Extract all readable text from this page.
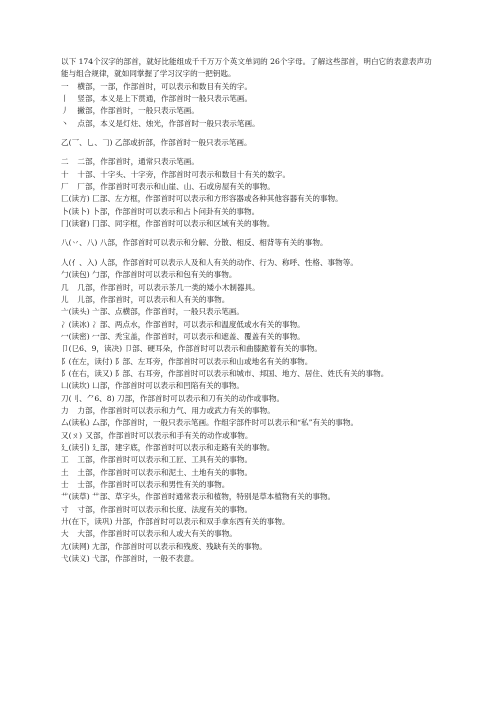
以下 174个汉字的部首，就好比能组成千千万万个英文单词的 26个字母。了解这些部首，明白它的表意表声功能与组合规律，就如同掌握了学习汉字的一把钥匙。
一 横部，一部，作部首时，可以表示和数目有关的字。
丨 竖部，本义是上下贯通，作部首时一般只表示笔画。
丿 撇部，作部首时，一般只表示笔画。
丶 点部，本义是灯炷、烛光，作部首时一般只表示笔画。
乙(乛、乚、𠃌) 乙部或折部，作部首时一般只表示笔画。
二 二部，作部首时，通常只表示笔画。
十 十部、十字头、十字旁，作部首时可表示和数目十有关的数字。
厂 厂部，作部首时可表示和山崖、山、石或房屋有关的事物。
匚(读方) 匚部、左方框，作部首时可以表示和方形容器或各种其他容器有关的事物。
卜(读卜) 卜部，作部首时可以表示和占卜问卦有关的事物。
冂(读窘) 冂部、同字框，作部首时可以表示和区域有关的事物。
八(丷、八) 八部，作部首时可以表示和分解、分散、相反、相背等有关的事物。
人(亻、入) 人部，作部首时可以表示人及和人有关的动作、行为、称呼、性格、事物等。
勹(读包) 勹部，作部首时可以表示和包有关的事物。
几 几部，作部首时，可以表示茶几一类的矮小木制器具。
儿 儿部，作部首时，可以表示和人有关的事物。
亠(读头) 亠部、点横部，作部首时，一般只表示笔画。
冫(读冰) 冫部、两点水，作部首时，可以表示和温度低或水有关的事物。
冖(读密) 冖部、秃宝盖，作部首时，可以表示和遮盖、覆盖有关的事物。
卩(㔾6、9，读决) 卩部、硬耳朵，作部首时可以表示和曲膝跪着有关的事物。
阝(在左，读付) 阝部、左耳旁，作部首时可以表示和山或地名有关的事物。
阝(在右，读又) 阝部、右耳旁，作部首时可以表示和城市、邦国、地方、居住、姓氏有关的事物。
凵(读坎) 凵部，作部首时可以表示和凹陷有关的事物。
刀(刂、⺈6、8) 刀部，作部首时可以表示和刀有关的动作或事物。
力 力部，作部首时可以表示和力气、用力或武力有关的事物。
厶(读私) 厶部，作部首时，一般只表示笔画。作组字部件时可以表示和“私”有关的事物。
又(ㄡ) 又部，作部首时可以表示和手有关的动作或事物。
廴(读引) 廴部，建字底，作部首时可以表示和走路有关的事物。
工 工部，作部首时可以表示和工匠、工具有关的事物。
土 土部，作部首时可以表示和泥土、土地有关的事物。
士 士部，作部首时可以表示和男性有关的事物。
艹(读草) 艹部、草字头，作部首时通常表示和植物，特别是草本植物有关的事物。
寸 寸部，作部首时可以表示和长度、法度有关的事物。
廾(在下，读巩) 廾部，作部首时可以表示和双手拿东西有关的事物。
大 大部，作部首时可以表示和人或大有关的事物。
尢(读网) 尢部，作部首时可以表示和残废、残缺有关的事物。
弋(读义) 弋部，作部首时，一般不表意。
